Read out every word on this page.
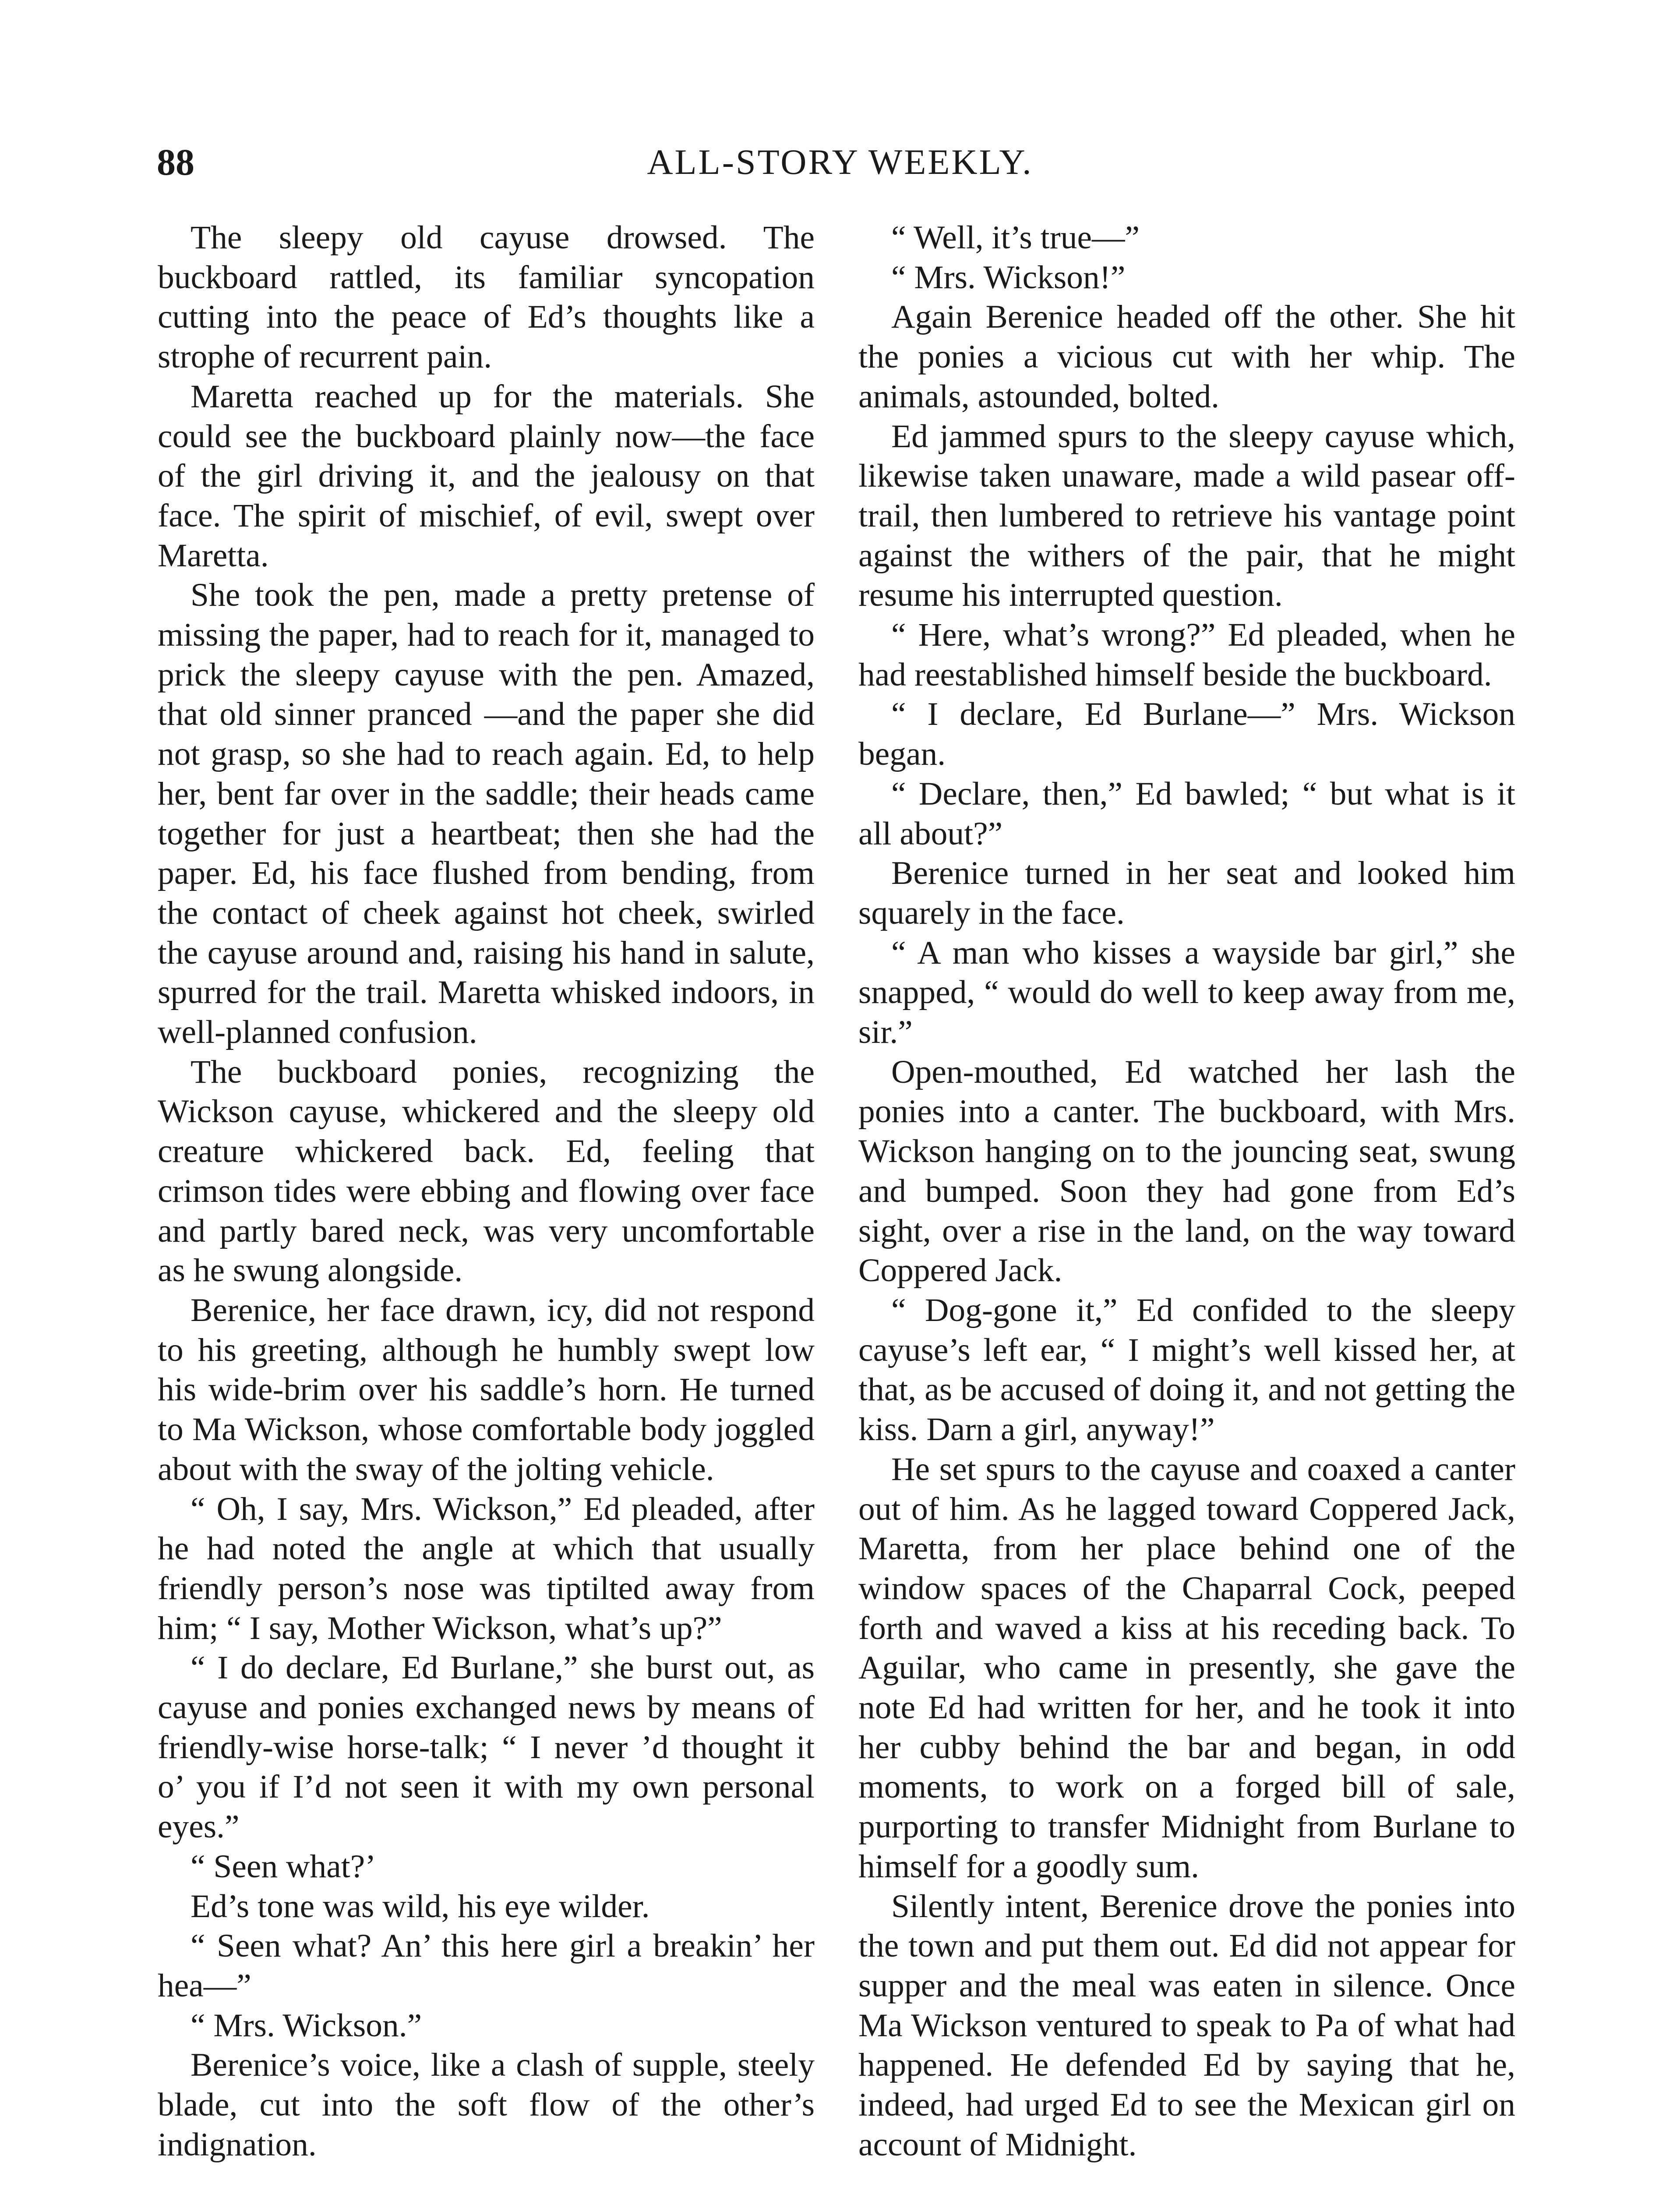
88	ALL-STORY WEEKLY.

The sleepy old cayuse drowsed. The buckboard rattled, its familiar syncopation cutting into the peace of Ed’s thoughts like a strophe of recurrent pain.

Maretta reached up for the materials. She could see the buckboard plainly now—the face of the girl driving it, and the jealousy on that face. The spirit of mischief, of evil, swept over Maretta.

She took the pen, made a pretty pretense of missing the paper, had to reach for it, managed to prick the sleepy cayuse with the pen. Amazed, that old sinner pranced —and the paper she did not grasp, so she had to reach again. Ed, to help her, bent far over in the saddle; their heads came together for just a heartbeat; then she had the paper. Ed, his face flushed from bending, from the contact of cheek against hot cheek, swirled the cayuse around and, raising his hand in salute, spurred for the trail. Maretta whisked indoors, in well-planned confusion.

The buckboard ponies, recognizing the Wickson cayuse, whickered and the sleepy old creature whickered back. Ed, feeling that crimson tides were ebbing and flowing over face and partly bared neck, was very uncomfortable as he swung alongside.

Berenice, her face drawn, icy, did not respond to his greeting, although he humbly swept low his wide-brim over his saddle’s horn. He turned to Ma Wickson, whose comfortable body joggled about with the sway of the jolting vehicle.

“ Oh, I say, Mrs. Wickson,” Ed pleaded, after he had noted the angle at which that usually friendly person’s nose was tiptilted away from him; “ I say, Mother Wickson, what’s up?”

“ I do declare, Ed Burlane,” she burst out, as cayuse and ponies exchanged news by means of friendly-wise horse-talk; “ I never ’d thought it o’ you if I’d not seen it with my own personal eyes.”

“ Seen what?’

Ed’s tone was wild, his eye wilder.

“ Seen what? An’ this here girl a breakin’ her hea—”

“ Mrs. Wickson.”

Berenice’s voice, like a clash of supple, steely blade, cut into the soft flow of the other’s indignation.

“ Well, it’s true—”

“ Mrs. Wickson!”

Again Berenice headed off the other. She hit the ponies a vicious cut with her whip. The animals, astounded, bolted.

Ed jammed spurs to the sleepy cayuse which, likewise taken unaware, made a wild pasear off-trail, then lumbered to retrieve his vantage point against the withers of the pair, that he might resume his interrupted question.

“ Here, what’s wrong?” Ed pleaded, when he had reestablished himself beside the buckboard.

“ I declare, Ed Burlane—” Mrs. Wickson began.

“ Declare, then,” Ed bawled; “ but what is it all about?”

Berenice turned in her seat and looked him squarely in the face.

“ A man who kisses a wayside bar girl,” she snapped, “ would do well to keep away from me, sir.”

Open-mouthed, Ed watched her lash the ponies into a canter. The buckboard, with Mrs. Wickson hanging on to the jouncing seat, swung and bumped. Soon they had gone from Ed’s sight, over a rise in the land, on the way toward Coppered Jack.

“ Dog-gone it,” Ed confided to the sleepy cayuse’s left ear, “ I might’s well kissed her, at that, as be accused of doing it, and not getting the kiss. Darn a girl, anyway!”

He set spurs to the cayuse and coaxed a canter out of him. As he lagged toward Coppered Jack, Maretta, from her place behind one of the window spaces of the Chaparral Cock, peeped forth and waved a kiss at his receding back. To Aguilar, who came in presently, she gave the note Ed had written for her, and he took it into her cubby behind the bar and began, in odd moments, to work on a forged bill of sale, purporting to transfer Midnight from Burlane to himself for a goodly sum.

Silently intent, Berenice drove the ponies into the town and put them out. Ed did not appear for supper and the meal was eaten in silence. Once Ma Wickson ventured to speak to Pa of what had happened. He defended Ed by saying that he, indeed, had urged Ed to see the Mexican girl on account of Midnight.
